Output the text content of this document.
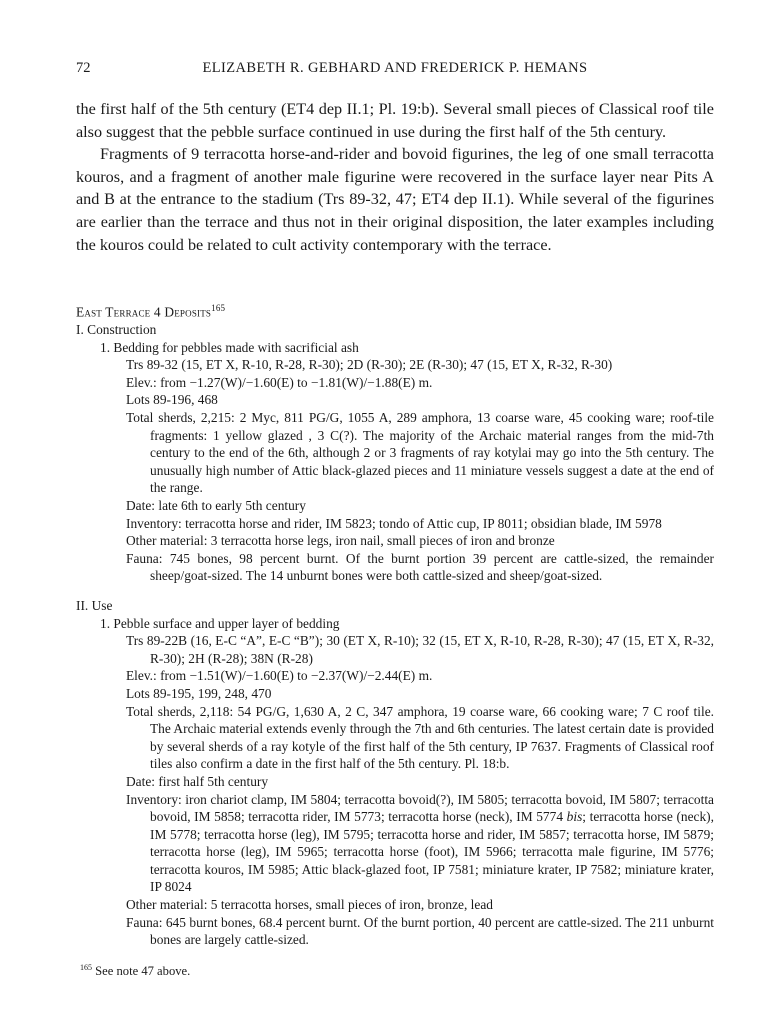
72	ELIZABETH R. GEBHARD AND FREDERICK P. HEMANS

the first half of the 5th century (ET4 dep II.1; Pl. 19:b). Several small pieces of Classical roof tile also suggest that the pebble surface continued in use during the first half of the 5th century.

Fragments of 9 terracotta horse-and-rider and bovoid figurines, the leg of one small terracotta kouros, and a fragment of another male figurine were recovered in the surface layer near Pits A and B at the entrance to the stadium (Trs 89-32, 47; ET4 dep II.1). While several of the figurines are earlier than the terrace and thus not in their original disposition, the later examples including the kouros could be related to cult activity contemporary with the terrace.

East Terrace 4 Deposits$^{165}$
I. Construction
1. Bedding for pebbles made with sacrificial ash

Trs 89-32 (15, ET X, R-10, R-28, R-30); 2D (R-30); 2E (R-30); 47 (15, ET X, R-32, R-30)

Elev.: from −1.27(W)/−1.60(E) to −1.81(W)/−1.88(E) m.

Lots 89-196, 468

Total sherds, 2,215: 2 Myc, 811 PG/G, 1055 A, 289 amphora, 13 coarse ware, 45 cooking ware; roof-tile fragments: 1 yellow glazed , 3 C(?). The majority of the Archaic material ranges from the mid-7th century to the end of the 6th, although 2 or 3 fragments of ray kotylai may go into the 5th century. The unusually high number of Attic black-glazed pieces and 11 miniature vessels suggest a date at the end of the range.

Date: late 6th to early 5th century

Inventory: terracotta horse and rider, IM 5823; tondo of Attic cup, IP 8011; obsidian blade, IM 5978

Other material: 3 terracotta horse legs, iron nail, small pieces of iron and bronze

Fauna: 745 bones, 98 percent burnt. Of the burnt portion 39 percent are cattle-sized, the remainder sheep/goat-sized. The 14 unburnt bones were both cattle-sized and sheep/goat-sized.

II. Use
1. Pebble surface and upper layer of bedding

Trs 89-22B (16, E-C “A”, E-C “B”); 30 (ET X, R-10); 32 (15, ET X, R-10, R-28, R-30); 47 (15, ET X, R-32, R-30); 2H (R-28); 38N (R-28)

Elev.: from −1.51(W)/−1.60(E) to −2.37(W)/−2.44(E) m.

Lots 89-195, 199, 248, 470

Total sherds, 2,118: 54 PG/G, 1,630 A, 2 C, 347 amphora, 19 coarse ware, 66 cooking ware; 7 C roof tile. The Archaic material extends evenly through the 7th and 6th centuries. The latest certain date is provided by several sherds of a ray kotyle of the first half of the 5th century, IP 7637. Fragments of Classical roof tiles also confirm a date in the first half of the 5th century. Pl. 18:b.

Date: first half 5th century

Inventory: iron chariot clamp, IM 5804; terracotta bovoid(?), IM 5805; terracotta bovoid, IM 5807; terracotta bovoid, IM 5858; terracotta rider, IM 5773; terracotta horse (neck), IM 5774 bis; terracotta horse (neck), IM 5778; terracotta horse (leg), IM 5795; terracotta horse and rider, IM 5857; terracotta horse, IM 5879; terracotta horse (leg), IM 5965; terracotta horse (foot), IM 5966; terracotta male figurine, IM 5776; terracotta kouros, IM 5985; Attic black-glazed foot, IP 7581; miniature krater, IP 7582; miniature krater, IP 8024

Other material: 5 terracotta horses, small pieces of iron, bronze, lead

Fauna: 645 burnt bones, 68.4 percent burnt. Of the burnt portion, 40 percent are cattle-sized. The 211 unburnt bones are largely cattle-sized.

$^{165}$ See note 47 above.
